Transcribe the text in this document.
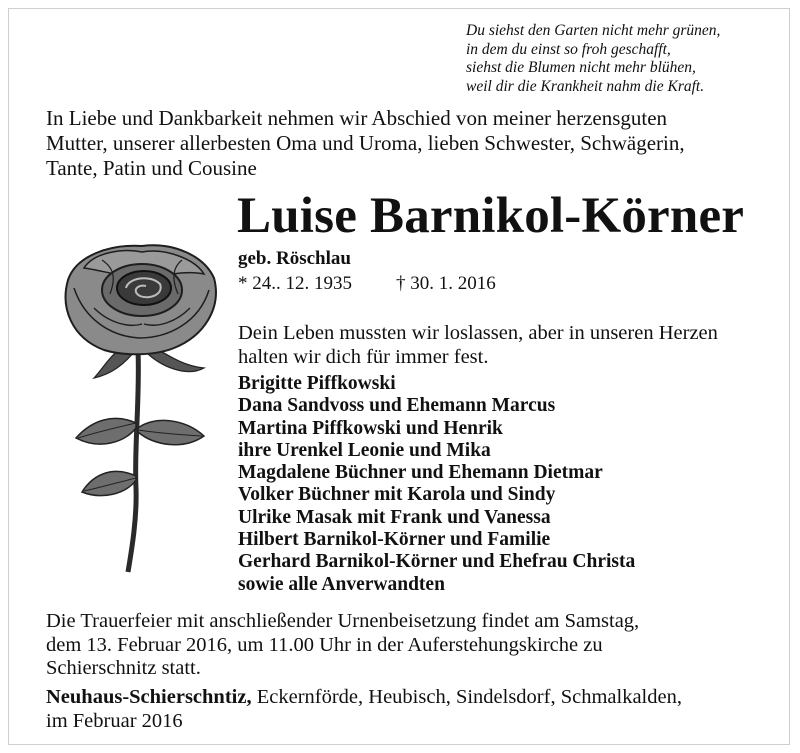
Du siehst den Garten nicht mehr grünen,
in dem du einst so froh geschafft,
siehst die Blumen nicht mehr blühen,
weil dir die Krankheit nahm die Kraft.
In Liebe und Dankbarkeit nehmen wir Abschied von meiner herzensguten
Mutter, unserer allerbesten Oma und Uroma, lieben Schwester, Schwägerin,
Tante, Patin und Cousine
Luise Barnikol-Körner
geb. Röschlau
* 24.. 12. 1935 † 30. 1. 2016
Dein Leben mussten wir loslassen, aber in unseren Herzen
halten wir dich für immer fest.
Brigitte Piffkowski
Dana Sandvoss und Ehemann Marcus
Martina Piffkowski und Henrik
ihre Urenkel Leonie und Mika
Magdalene Büchner und Ehemann Dietmar
Volker Büchner mit Karola und Sindy
Ulrike Masak mit Frank und Vanessa
Hilbert Barnikol-Körner und Familie
Gerhard Barnikol-Körner und Ehefrau Christa
sowie alle Anverwandten
Die Trauerfeier mit anschließender Urnenbeisetzung findet am Samstag,
dem 13. Februar 2016, um 11.00 Uhr in der Auferstehungskirche zu
Schierschnitz statt.
Neuhaus-Schierschntiz, Eckernförde, Heubisch, Sindelsdorf, Schmalkalden,
im Februar 2016
